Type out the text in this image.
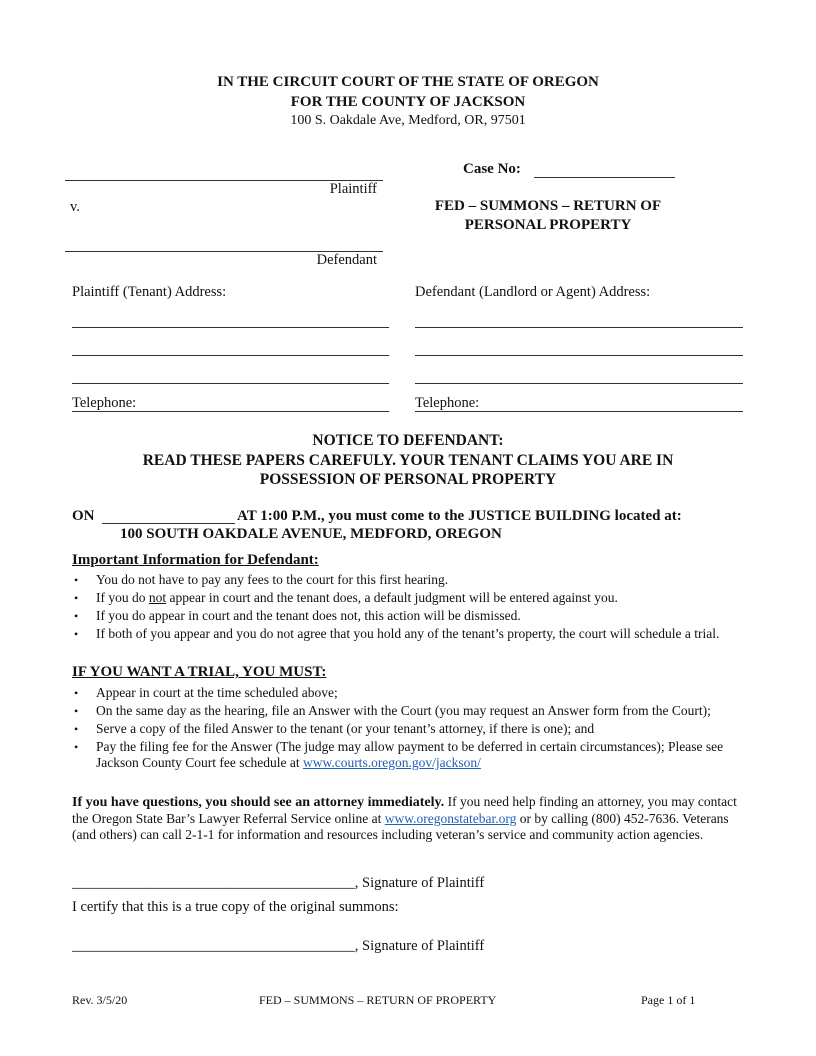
IN THE CIRCUIT COURT OF THE STATE OF OREGON
FOR THE COUNTY OF JACKSON
100 S. Oakdale Ave, Medford, OR, 97501
Plaintiff
v.
Defendant
Case No:
FED – SUMMONS – RETURN OF
PERSONAL PROPERTY
Plaintiff (Tenant) Address:	Defendant (Landlord or Agent) Address:
Telephone:	Telephone:
NOTICE TO DEFENDANT:
READ THESE PAPERS CAREFULY. YOUR TENANT CLAIMS YOU ARE IN
POSSESSION OF PERSONAL PROPERTY
ON	AT 1:00 P.M., you must come to the JUSTICE BUILDING located at:
100 SOUTH OAKDALE AVENUE, MEDFORD, OREGON
Important Information for Defendant:
• You do not have to pay any fees to the court for this first hearing.
• If you do not appear in court and the tenant does, a default judgment will be entered against you.
• If you do appear in court and the tenant does not, this action will be dismissed.
• If both of you appear and you do not agree that you hold any of the tenant’s property, the court will schedule a trial.
IF YOU WANT A TRIAL, YOU MUST:
• Appear in court at the time scheduled above;
• On the same day as the hearing, file an Answer with the Court (you may request an Answer form from the Court);
• Serve a copy of the filed Answer to the tenant (or your tenant’s attorney, if there is one); and
• Pay the filing fee for the Answer (The judge may allow payment to be deferred in certain circumstances); Please see Jackson County Court fee schedule at www.courts.oregon.gov/jackson/
If you have questions, you should see an attorney immediately. If you need help finding an attorney, you may contact the Oregon State Bar’s Lawyer Referral Service online at www.oregonstatebar.org or by calling (800) 452-7636. Veterans (and others) can call 2-1-1 for information and resources including veteran’s service and community action agencies.
_______________________________________, Signature of Plaintiff
I certify that this is a true copy of the original summons:
_______________________________________, Signature of Plaintiff
Rev. 3/5/20	FED – SUMMONS – RETURN OF PROPERTY	Page 1 of 1
